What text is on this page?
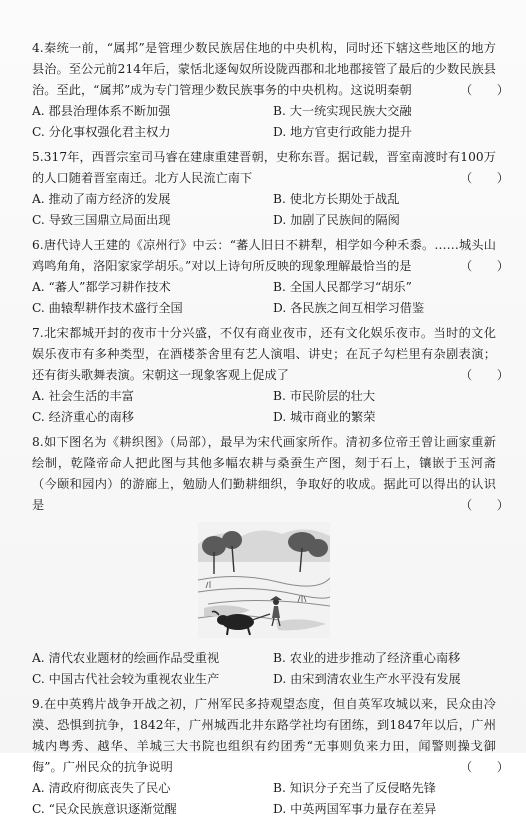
4.秦统一前，“属邦”是管理少数民族居住地的中央机构，同时还下辖这些地区的地方县治。至公元前214年后，蒙恬北逐匈奴所设陇西郡和北地郡接管了最后的少数民族县治。至此，“属邦”成为专门管理少数民族事务的中央机构。这说明秦朝	（　　）

A. 郡县治理体系不断加强	B. 大一统实现民族大交融
C. 分化事权强化君主权力	D. 地方官吏行政能力提升

5.317年，西晋宗室司马睿在建康重建晋朝，史称东晋。据记载，晋室南渡时有100万的人口随着晋室南迁。北方人民流亡南下	（　　）

A. 推动了南方经济的发展	B. 使北方长期处于战乱
C. 导致三国鼎立局面出现	D. 加剧了民族间的隔阂

6.唐代诗人王建的《凉州行》中云：“蕃人旧日不耕犁，相学如今种禾黍。……城头山鸡鸣角角，洛阳家家学胡乐。”对以上诗句所反映的现象理解最恰当的是	（　　）

A. “蕃人”都学习耕作技术	B. 全国人民都学习“胡乐”
C. 曲辕犁耕作技术盛行全国	D. 各民族之间互相学习借鉴

7.北宋都城开封的夜市十分兴盛，不仅有商业夜市，还有文化娱乐夜市。当时的文化娱乐夜市有多种类型，在酒楼茶舍里有艺人演唱、讲史；在瓦子勾栏里有杂剧表演；还有街头歌舞表演。宋朝这一现象客观上促成了	（　　）

A. 社会生活的丰富	B. 市民阶层的壮大
C. 经济重心的南移	D. 城市商业的繁荣

8.如下图名为《耕织图》（局部），最早为宋代画家所作。清初多位帝王曾让画家重新绘制，乾隆帝命人把此图与其他多幅农耕与桑蚕生产图，刻于石上，镶嵌于玉河斋（今颐和园内）的游廊上，勉励人们勤耕细织，争取好的收成。据此可以得出的认识是	（　　）

A. 清代农业题材的绘画作品受重视	B. 农业的进步推动了经济重心南移
C. 中国古代社会较为重视农业生产	D. 由宋到清农业生产水平没有发展

9.在中英鸦片战争开战之初，广州军民多持观望态度，但自英军攻城以来，民众由冷漠、恐惧到抗争，1842年，广州城西北井东路学社均有团练，到1847年以后，广州城内粤秀、越华、羊城三大书院也组织有约团秀“无事则负来力田，闻警则操戈御侮”。广州民众的抗争说明	（　　）

A. 清政府彻底丧失了民心	B. 知识分子充当了反侵略先锋
C. “民众民族意识逐渐觉醒	D. 中英两国军事力量存在差异
